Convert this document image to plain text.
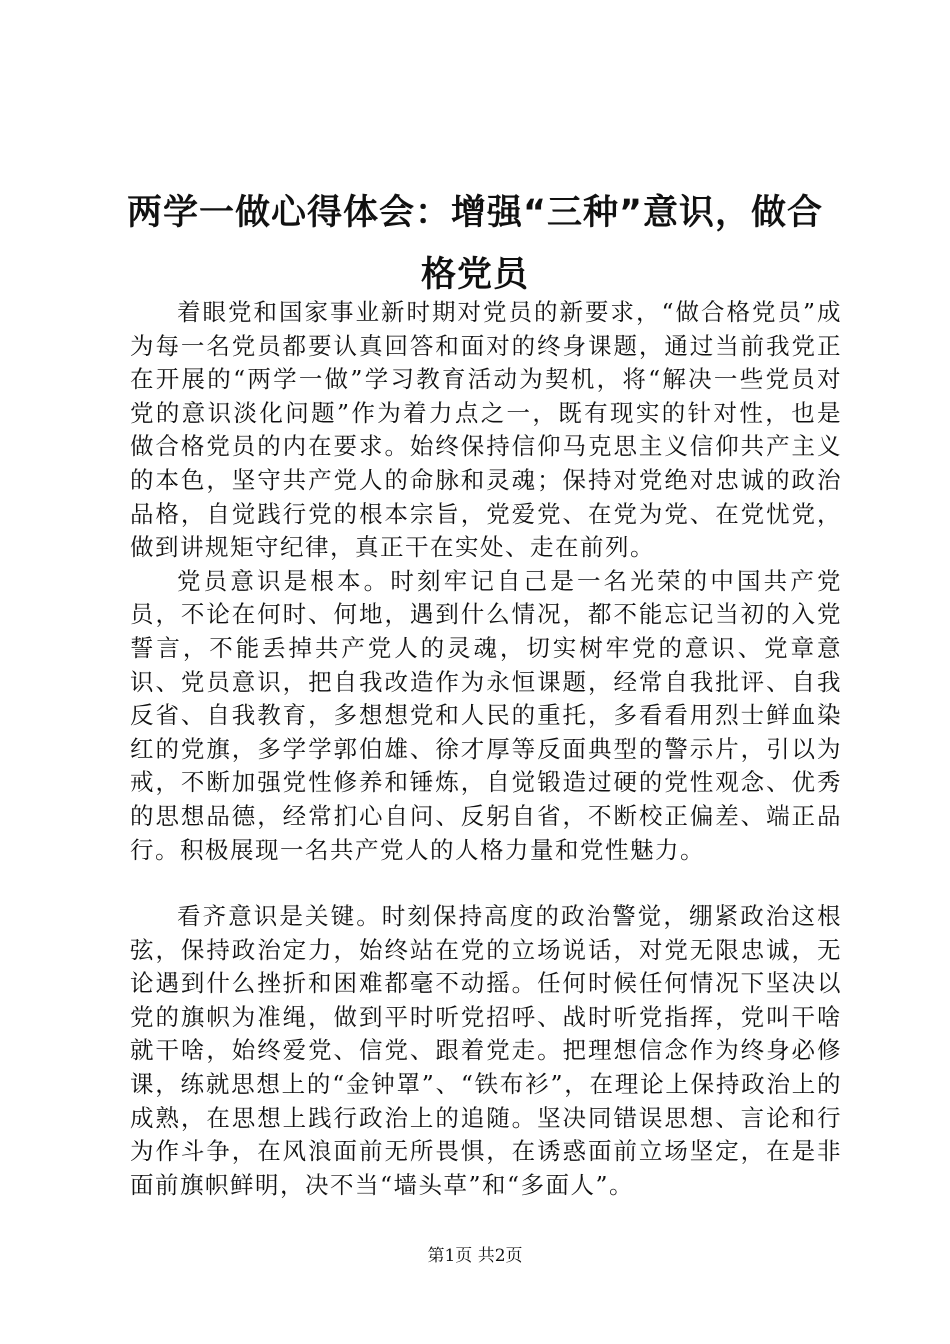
两学一做心得体会：增强“三种”意识，做合格党员

着眼党和国家事业新时期对党员的新要求，“做合格党员”成为每一名党员都要认真回答和面对的终身课题，通过当前我党正在开展的“两学一做”学习教育活动为契机，将“解决一些党员对党的意识淡化问题”作为着力点之一，既有现实的针对性，也是做合格党员的内在要求。始终保持信仰马克思主义信仰共产主义的本色，坚守共产党人的命脉和灵魂；保持对党绝对忠诚的政治品格，自觉践行党的根本宗旨，党爱党、在党为党、在党忧党，做到讲规矩守纪律，真正干在实处、走在前列。

党员意识是根本。时刻牢记自己是一名光荣的中国共产党员，不论在何时、何地，遇到什么情况，都不能忘记当初的入党誓言，不能丢掉共产党人的灵魂，切实树牢党的意识、党章意识、党员意识，把自我改造作为永恒课题，经常自我批评、自我反省、自我教育，多想想党和人民的重托，多看看用烈士鲜血染红的党旗，多学学郭伯雄、徐才厚等反面典型的警示片，引以为戒，不断加强党性修养和锤炼，自觉锻造过硬的党性观念、优秀的思想品德，经常扪心自问、反躬自省，不断校正偏差、端正品行。积极展现一名共产党人的人格力量和党性魅力。

看齐意识是关键。时刻保持高度的政治警觉，绷紧政治这根弦，保持政治定力，始终站在党的立场说话，对党无限忠诚，无论遇到什么挫折和困难都毫不动摇。任何时候任何情况下坚决以党的旗帜为准绳，做到平时听党招呼、战时听党指挥，党叫干啥就干啥，始终爱党、信党、跟着党走。把理想信念作为终身必修课，练就思想上的“金钟罩”、“铁布衫”，在理论上保持政治上的成熟，在思想上践行政治上的追随。坚决同错误思想、言论和行为作斗争，在风浪面前无所畏惧，在诱惑面前立场坚定，在是非面前旗帜鲜明，决不当“墙头草”和“多面人”。

第1页 共2页
